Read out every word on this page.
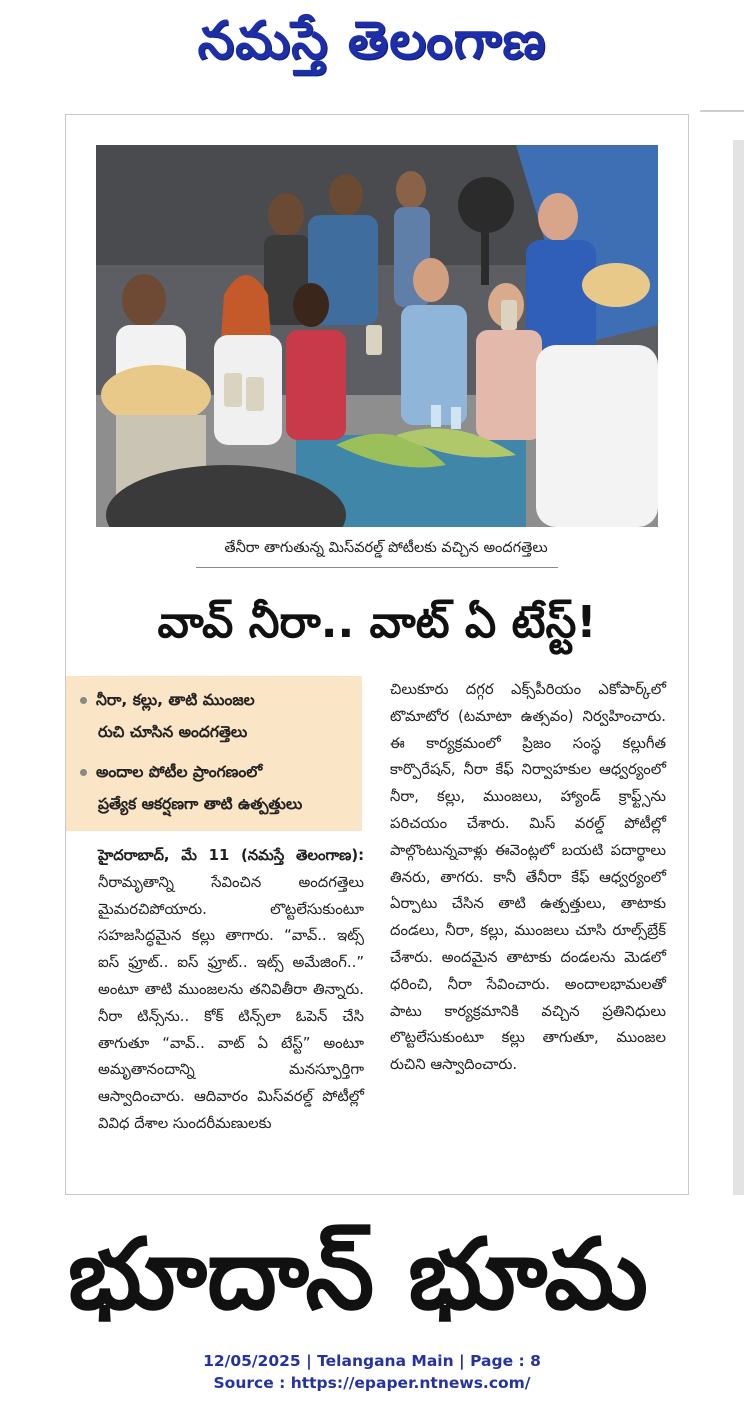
నమస్తే తెలంగాణ
తేనీరా తాగుతున్న మిస్‌వరల్డ్ పోటీలకు వచ్చిన అందగత్తెలు
వావ్ నీరా.. వాట్ ఏ టేస్ట్!
నీరా, కల్లు, తాటి ముంజల
రుచి చూసిన అందగత్తెలు
అందాల పోటీల ప్రాంగణంలో
ప్రత్యేక ఆకర్షణగా తాటి ఉత్పత్తులు
హైదరాబాద్, మే 11 (నమస్తే తెలంగాణ): నీరామృతాన్ని సేవించిన అందగత్తెలు మైమరచిపోయారు. లొట్టలేసుకుంటూ సహజసిద్ధమైన కల్లు తాగారు. “వావ్.. ఇట్స్ ఐస్ ఫ్రూట్.. ఐస్ ఫ్రూట్.. ఇట్స్ అమేజింగ్..” అంటూ తాటి ముంజలను తనివితీరా తిన్నారు. నీరా టిన్స్‌ను.. కోక్ టిన్స్‌లా ఓపెన్ చేసి తాగుతూ “వావ్.. వాట్ ఏ టేస్ట్” అంటూ అమృతానందాన్ని మనస్ఫూర్తిగా ఆస్వాదించారు. ఆదివారం మిస్‌వరల్డ్ పోటీల్లో వివిధ దేశాల సుందరీమణులకు
చిలుకూరు దగ్గర ఎక్స్‌పీరియం ఎకోపార్క్‌లో టొమాటోర (టమాటా ఉత్సవం) నిర్వహించారు. ఈ కార్యక్రమంలో ప్రిజం సంస్థ కల్లుగీత కార్పొరేషన్, నీరా కేఫ్ నిర్వాహకుల ఆధ్వర్యంలో నీరా, కల్లు, ముంజలు, హ్యాండ్ క్రాఫ్ట్స్‌ను పరిచయం చేశారు. మిస్ వరల్డ్ పోటీల్లో పాల్గొంటున్నవాళ్లు ఈవెంట్లలో బయటి పదార్థాలు తినరు, తాగరు. కానీ తేనీరా కేఫ్ ఆధ్వర్యంలో ఏర్పాటు చేసిన తాటి ఉత్పత్తులు, తాటాకు దండలు, నీరా, కల్లు, ముంజలు చూసి రూల్స్‌బ్రేక్ చేశారు. అందమైన తాటాకు దండలను మెడలో ధరించి, నీరా సేవించారు. అందాలభామలతో పాటు కార్యక్రమానికి వచ్చిన ప్రతినిధులు లొట్టలేసుకుంటూ కల్లు తాగుతూ, ముంజల రుచిని ఆస్వాదించారు.
భూదాన్ భూమ
12/05/2025 | Telangana Main | Page : 8
Source : https://epaper.ntnews.com/
